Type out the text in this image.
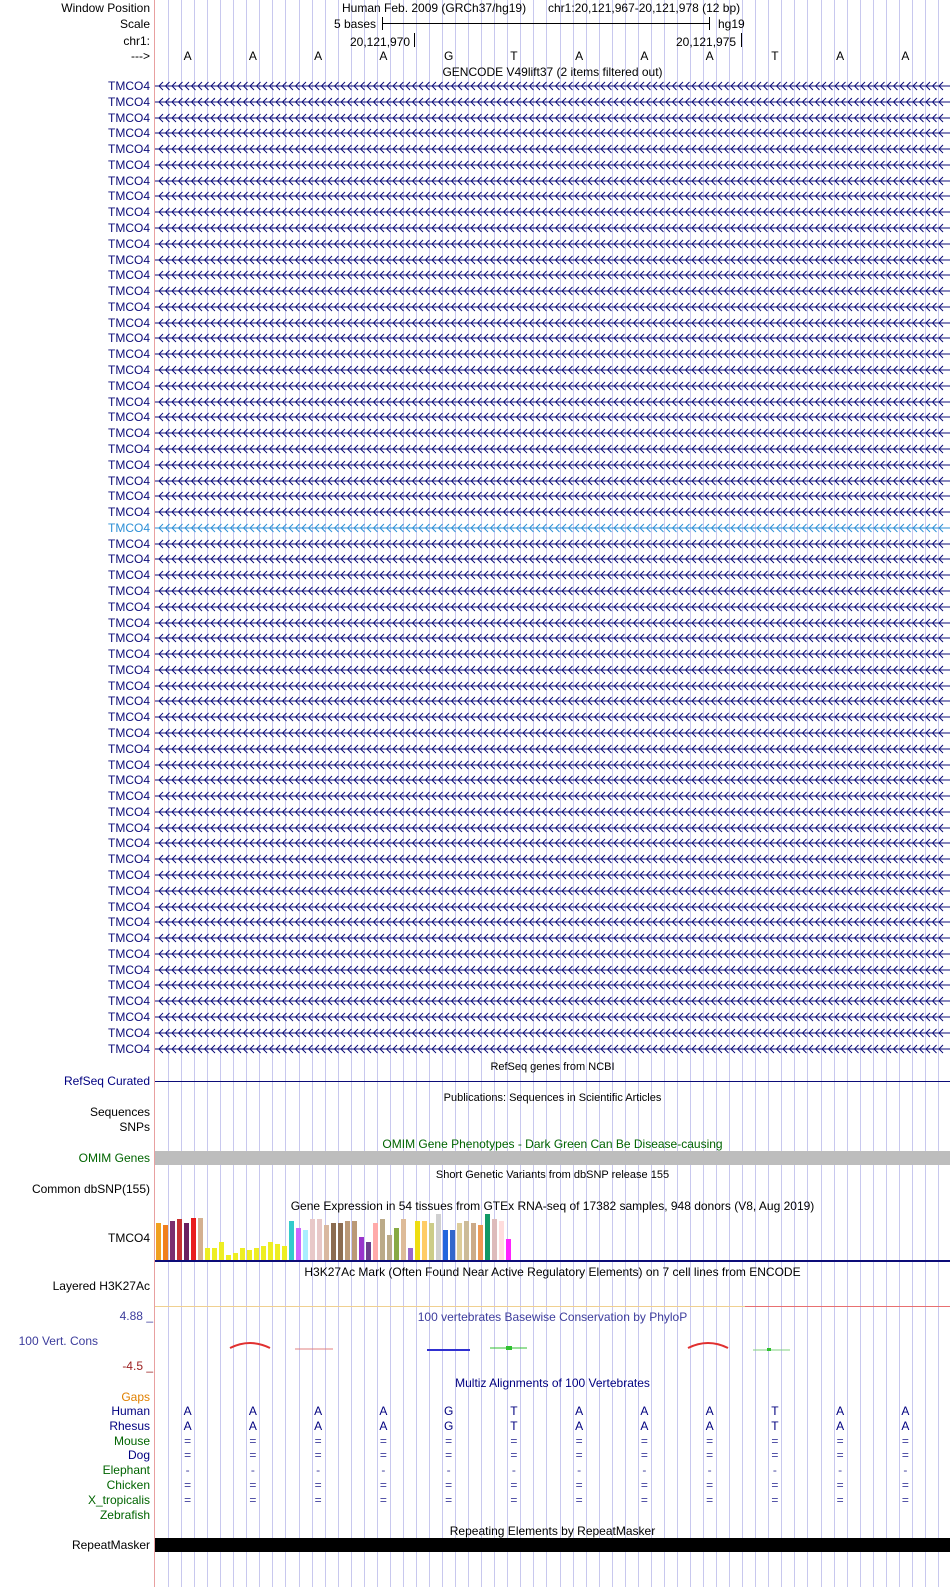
Window Position	Human Feb. 2009 (GRCh37/hg19) chr1:20,121,967-20,121,978 (12 bp)
Scale	5 bases	hg19
chr1:	20,121,970	20,121,975
--->	A	A	A	A	G	T	A	A	A	T	A	A
GENCODE V49lift37 (2 items filtered out)
TMCO4
TMCO4
TMCO4
TMCO4
TMCO4
TMCO4
TMCO4
TMCO4
TMCO4
TMCO4
TMCO4
TMCO4
TMCO4
TMCO4
TMCO4
TMCO4
TMCO4
TMCO4
TMCO4
TMCO4
TMCO4
TMCO4
TMCO4
TMCO4
TMCO4
TMCO4
TMCO4
TMCO4
TMCO4
TMCO4
TMCO4
TMCO4
TMCO4
TMCO4
TMCO4
TMCO4
TMCO4
TMCO4
TMCO4
TMCO4
TMCO4
TMCO4
TMCO4
TMCO4
TMCO4
TMCO4
TMCO4
TMCO4
TMCO4
TMCO4
TMCO4
TMCO4
TMCO4
TMCO4
TMCO4
TMCO4
TMCO4
TMCO4
TMCO4
TMCO4
TMCO4
TMCO4
RefSeq genes from NCBI
RefSeq Curated
Publications: Sequences in Scientific Articles
Sequences
SNPs
OMIM Gene Phenotypes - Dark Green Can Be Disease-causing
OMIM Genes
Short Genetic Variants from dbSNP release 155
Common dbSNP(155)
Gene Expression in 54 tissues from GTEx RNA-seq of 17382 samples, 948 donors (V8, Aug 2019)
TMCO4
H3K27Ac Mark (Often Found Near Active Regulatory Elements) on 7 cell lines from ENCODE
Layered H3K27Ac
100 vertebrates Basewise Conservation by PhyloP
4.88 _
100 Vert. Cons
-4.5 _
Multiz Alignments of 100 Vertebrates
Gaps
Human	A	A	A	A	G	T	A	A	A	T	A	A
Rhesus	A	A	A	A	G	T	A	A	A	T	A	A
Mouse	=	=	=	=	=	=	=	=	=	=	=	=
Dog	=	=	=	=	=	=	=	=	=	=	=	=
Elephant	-	-	-	-	-	-	-	-	-	-	-	-
Chicken	=	=	=	=	=	=	=	=	=	=	=	=
X_tropicalis	=	=	=	=	=	=	=	=	=	=	=	=
Zebrafish
Repeating Elements by RepeatMasker
RepeatMasker
